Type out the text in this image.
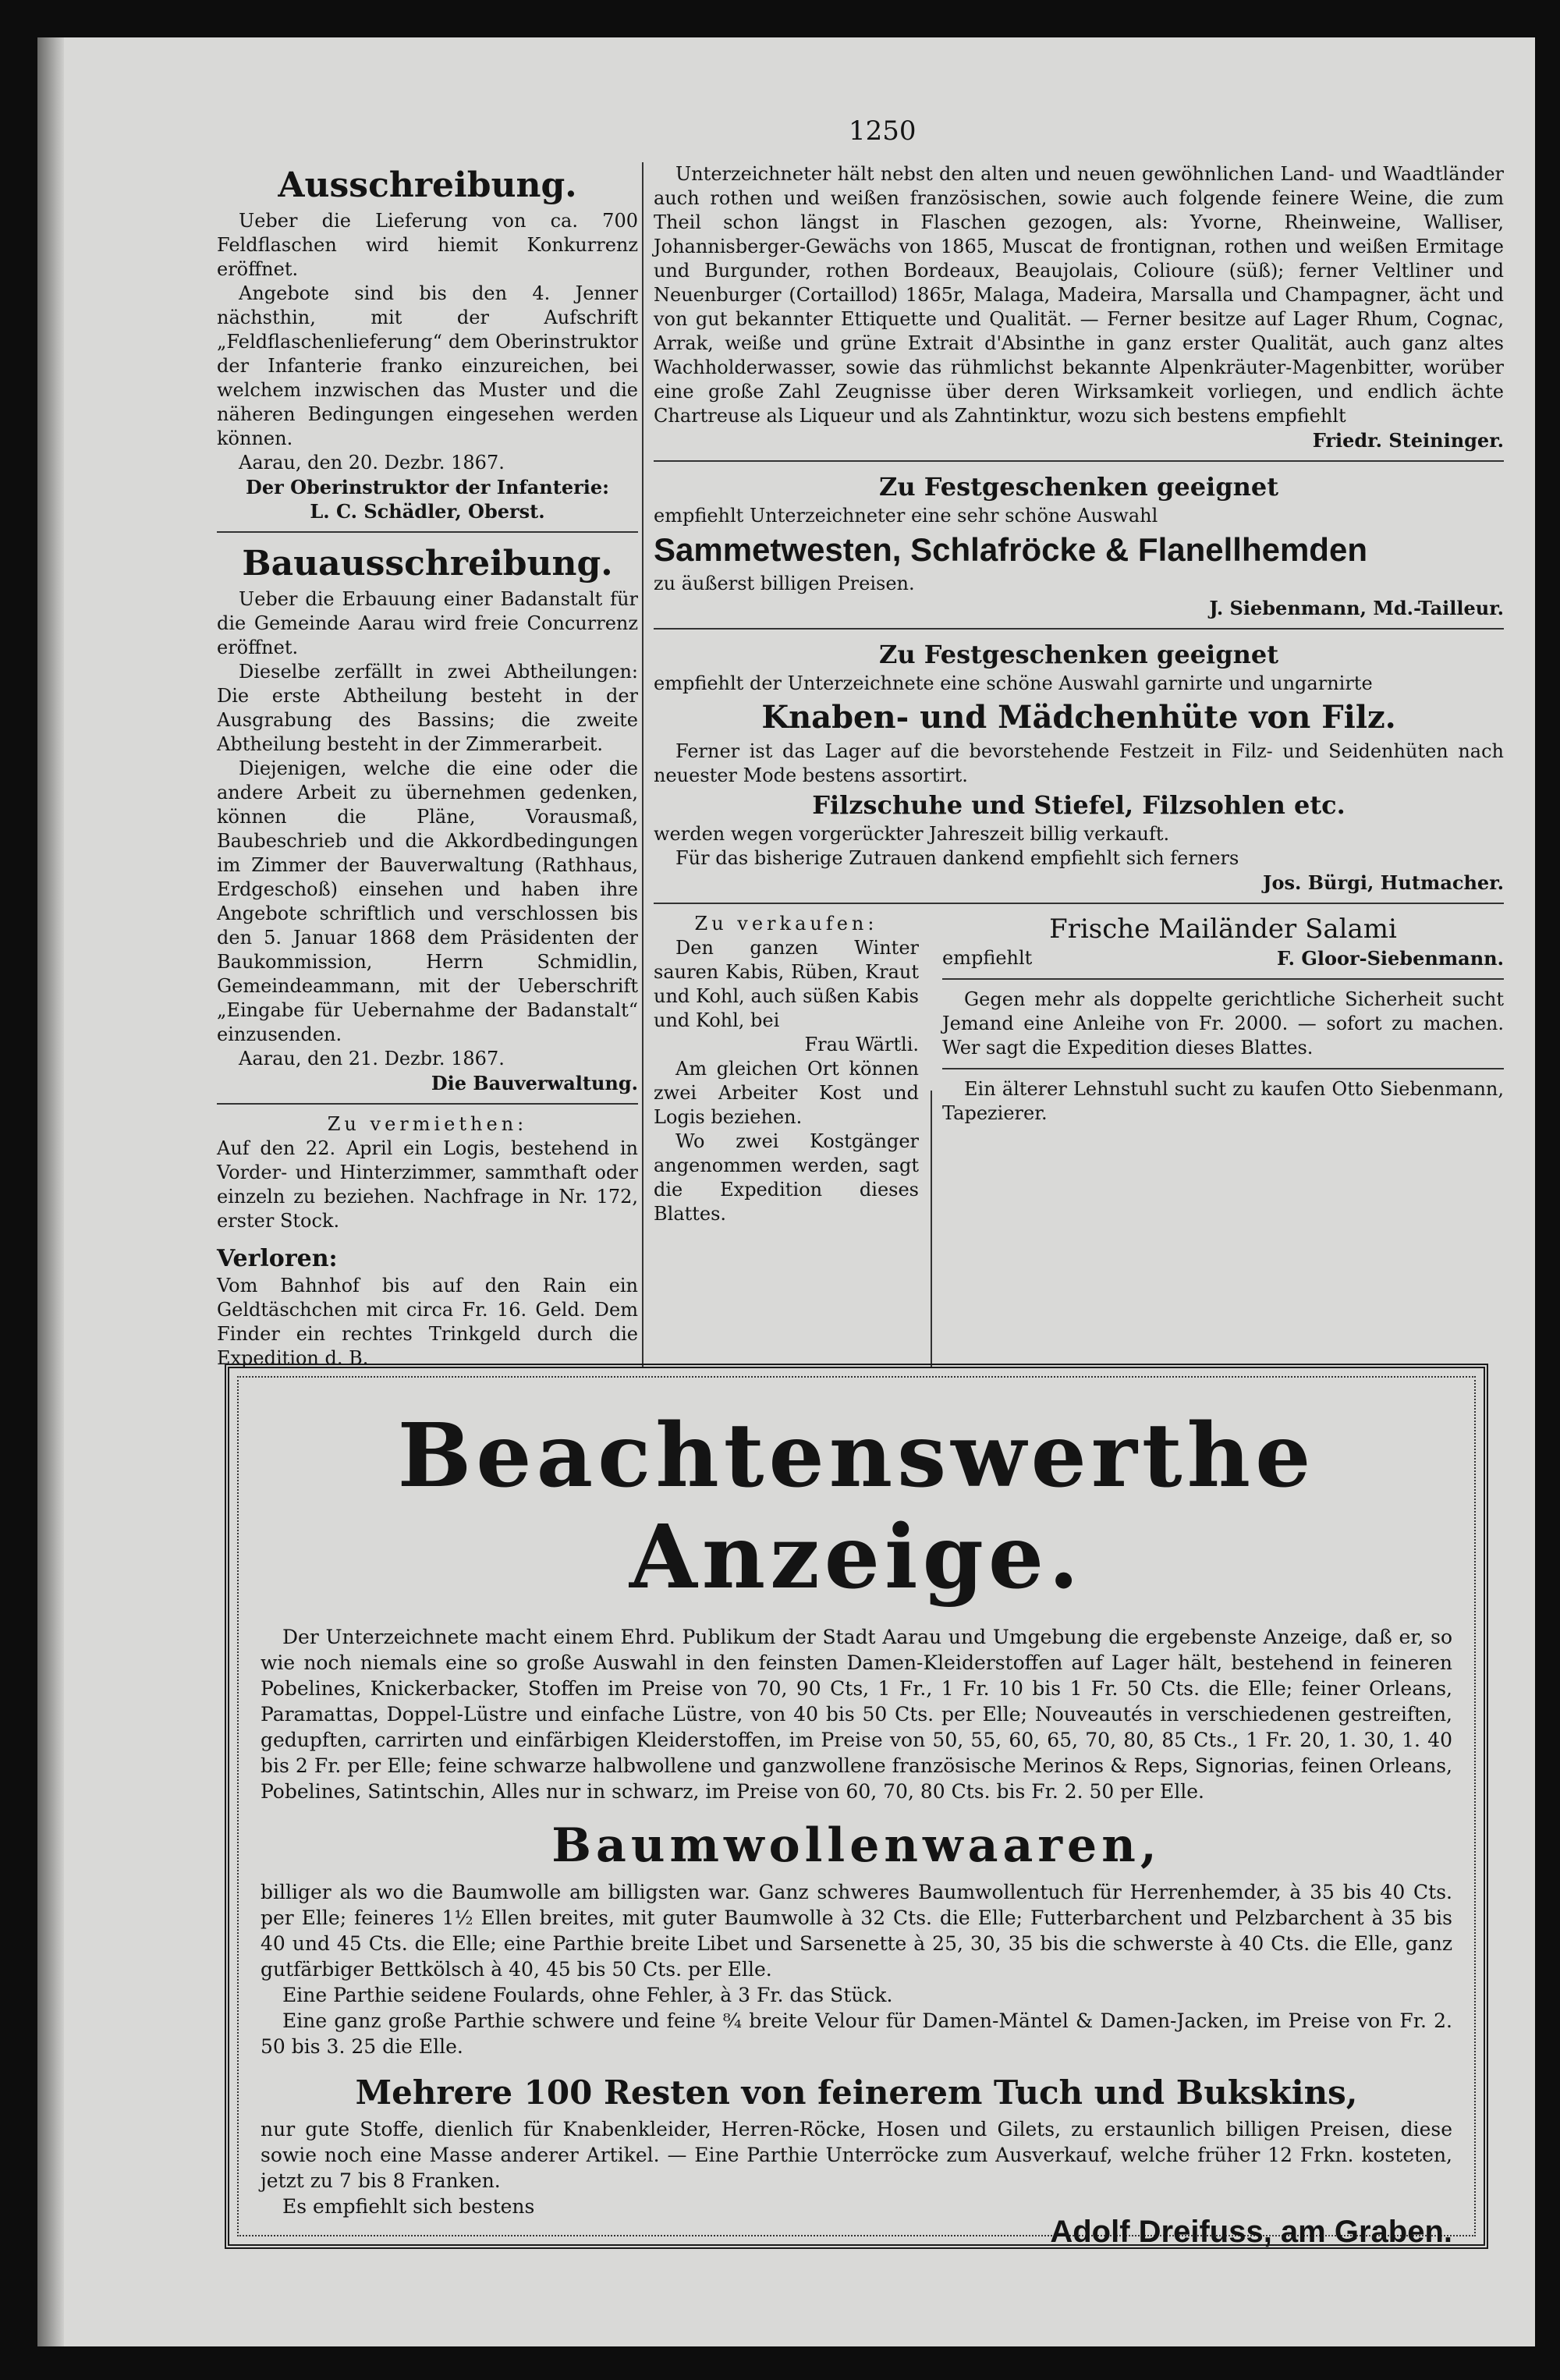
1250
Ausschreibung.

Ueber die Lieferung von ca. 700 Feldflaschen wird hiemit Konkurrenz eröffnet.

Angebote sind bis den 4. Jenner nächsthin, mit der Aufschrift „Feldflaschenlieferung“ dem Oberinstruktor der Infanterie franko einzureichen, bei welchem inzwischen das Muster und die näheren Bedingungen eingesehen werden können.

Aarau, den 20. Dezbr. 1867.

Der Oberinstruktor der Infanterie:

L. C. Schädler, Oberst.

Bauausschreibung.

Ueber die Erbauung einer Badanstalt für die Gemeinde Aarau wird freie Concurrenz eröffnet.

Dieselbe zerfällt in zwei Abtheilungen: Die erste Abtheilung besteht in der Ausgrabung des Bassins; die zweite Abtheilung besteht in der Zimmerarbeit.

Diejenigen, welche die eine oder die andere Arbeit zu übernehmen gedenken, können die Pläne, Vorausmaß, Baubeschrieb und die Akkordbedingungen im Zimmer der Bauverwaltung (Rathhaus, Erdgeschoß) einsehen und haben ihre Angebote schriftlich und verschlossen bis den 5. Januar 1868 dem Präsidenten der Baukommission, Herrn Schmidlin, Gemeindeammann, mit der Ueberschrift „Eingabe für Uebernahme der Badanstalt“ einzusenden.

Aarau, den 21. Dezbr. 1867.

Die Bauverwaltung.

Zu vermiethen:

Auf den 22. April ein Logis, bestehend in Vorder- und Hinterzimmer, sammthaft oder einzeln zu beziehen. Nachfrage in Nr. 172, erster Stock.

Verloren:

Vom Bahnhof bis auf den Rain ein Geldtäschchen mit circa Fr. 16. Geld. Dem Finder ein rechtes Trinkgeld durch die Expedition d. B.

Unterzeichneter hält nebst den alten und neuen gewöhnlichen Land- und Waadtländer auch rothen und weißen französischen, sowie auch folgende feinere Weine, die zum Theil schon längst in Flaschen gezogen, als: Yvorne, Rheinweine, Walliser, Johannisberger-Gewächs von 1865, Muscat de frontignan, rothen und weißen Ermitage und Burgunder, rothen Bordeaux, Beaujolais, Colioure (süß); ferner Veltliner und Neuenburger (Cortaillod) 1865r, Malaga, Madeira, Marsalla und Champagner, ächt und von gut bekannter Ettiquette und Qualität. — Ferner besitze auf Lager Rhum, Cognac, Arrak, weiße und grüne Extrait d'Absinthe in ganz erster Qualität, auch ganz altes Wachholderwasser, sowie das rühmlichst bekannte Alpenkräuter-Magenbitter, worüber eine große Zahl Zeugnisse über deren Wirksamkeit vorliegen, und endlich ächte Chartreuse als Liqueur und als Zahntinktur, wozu sich bestens empfiehlt

Friedr. Steininger.

Zu Festgeschenken geeignet

empfiehlt Unterzeichneter eine sehr schöne Auswahl

Sammetwesten, Schlafröcke & Flanellhemden

zu äußerst billigen Preisen.

J. Siebenmann, Md.-Tailleur.

Zu Festgeschenken geeignet

empfiehlt der Unterzeichnete eine schöne Auswahl garnirte und ungarnirte

Knaben- und Mädchenhüte von Filz.

Ferner ist das Lager auf die bevorstehende Festzeit in Filz- und Seidenhüten nach neuester Mode bestens assortirt.

Filzschuhe und Stiefel, Filzsohlen etc.

werden wegen vorgerückter Jahreszeit billig verkauft.

Für das bisherige Zutrauen dankend empfiehlt sich ferners

Jos. Bürgi, Hutmacher.

Zu verkaufen:

Den ganzen Winter sauren Kabis, Rüben, Kraut und Kohl, auch süßen Kabis und Kohl, bei

Frau Wärtli.

Am gleichen Ort können zwei Arbeiter Kost und Logis beziehen.

Wo zwei Kostgänger angenommen werden, sagt die Expedition dieses Blattes.

Frische Mailänder Salami

empfiehlt	F. Gloor-Siebenmann.

Gegen mehr als doppelte gerichtliche Sicherheit sucht Jemand eine Anleihe von Fr. 2000. — sofort zu machen. Wer sagt die Expedition dieses Blattes.

Ein älterer Lehnstuhl sucht zu kaufen Otto Siebenmann, Tapezierer.

Beachtenswerthe Anzeige.

Der Unterzeichnete macht einem Ehrd. Publikum der Stadt Aarau und Umgebung die ergebenste Anzeige, daß er, so wie noch niemals eine so große Auswahl in den feinsten Damen-Kleiderstoffen auf Lager hält, bestehend in feineren Pobelines, Knickerbacker, Stoffen im Preise von 70, 90 Cts, 1 Fr., 1 Fr. 10 bis 1 Fr. 50 Cts. die Elle; feiner Orleans, Paramattas, Doppel-Lüstre und einfache Lüstre, von 40 bis 50 Cts. per Elle; Nouveautés in verschiedenen gestreiften, gedupften, carrirten und einfärbigen Kleiderstoffen, im Preise von 50, 55, 60, 65, 70, 80, 85 Cts., 1 Fr. 20, 1. 30, 1. 40 bis 2 Fr. per Elle; feine schwarze halbwollene und ganzwollene französische Merinos & Reps, Signorias, feinen Orleans, Pobelines, Satintschin, Alles nur in schwarz, im Preise von 60, 70, 80 Cts. bis Fr. 2. 50 per Elle.

Baumwollenwaaren,

billiger als wo die Baumwolle am billigsten war. Ganz schweres Baumwollentuch für Herrenhemder, à 35 bis 40 Cts. per Elle; feineres 1½ Ellen breites, mit guter Baumwolle à 32 Cts. die Elle; Futterbarchent und Pelzbarchent à 35 bis 40 und 45 Cts. die Elle; eine Parthie breite Libet und Sarsenette à 25, 30, 35 bis die schwerste à 40 Cts. die Elle, ganz gutfärbiger Bettkölsch à 40, 45 bis 50 Cts. per Elle.

Eine Parthie seidene Foulards, ohne Fehler, à 3 Fr. das Stück.

Eine ganz große Parthie schwere und feine ⁸⁄₄ breite Velour für Damen-Mäntel & Damen-Jacken, im Preise von Fr. 2. 50 bis 3. 25 die Elle.

Mehrere 100 Resten von feinerem Tuch und Bukskins,

nur gute Stoffe, dienlich für Knabenkleider, Herren-Röcke, Hosen und Gilets, zu erstaunlich billigen Preisen, diese sowie noch eine Masse anderer Artikel. — Eine Parthie Unterröcke zum Ausverkauf, welche früher 12 Frkn. kosteten, jetzt zu 7 bis 8 Franken.

Es empfiehlt sich bestens

Adolf Dreifuss, am Graben.
